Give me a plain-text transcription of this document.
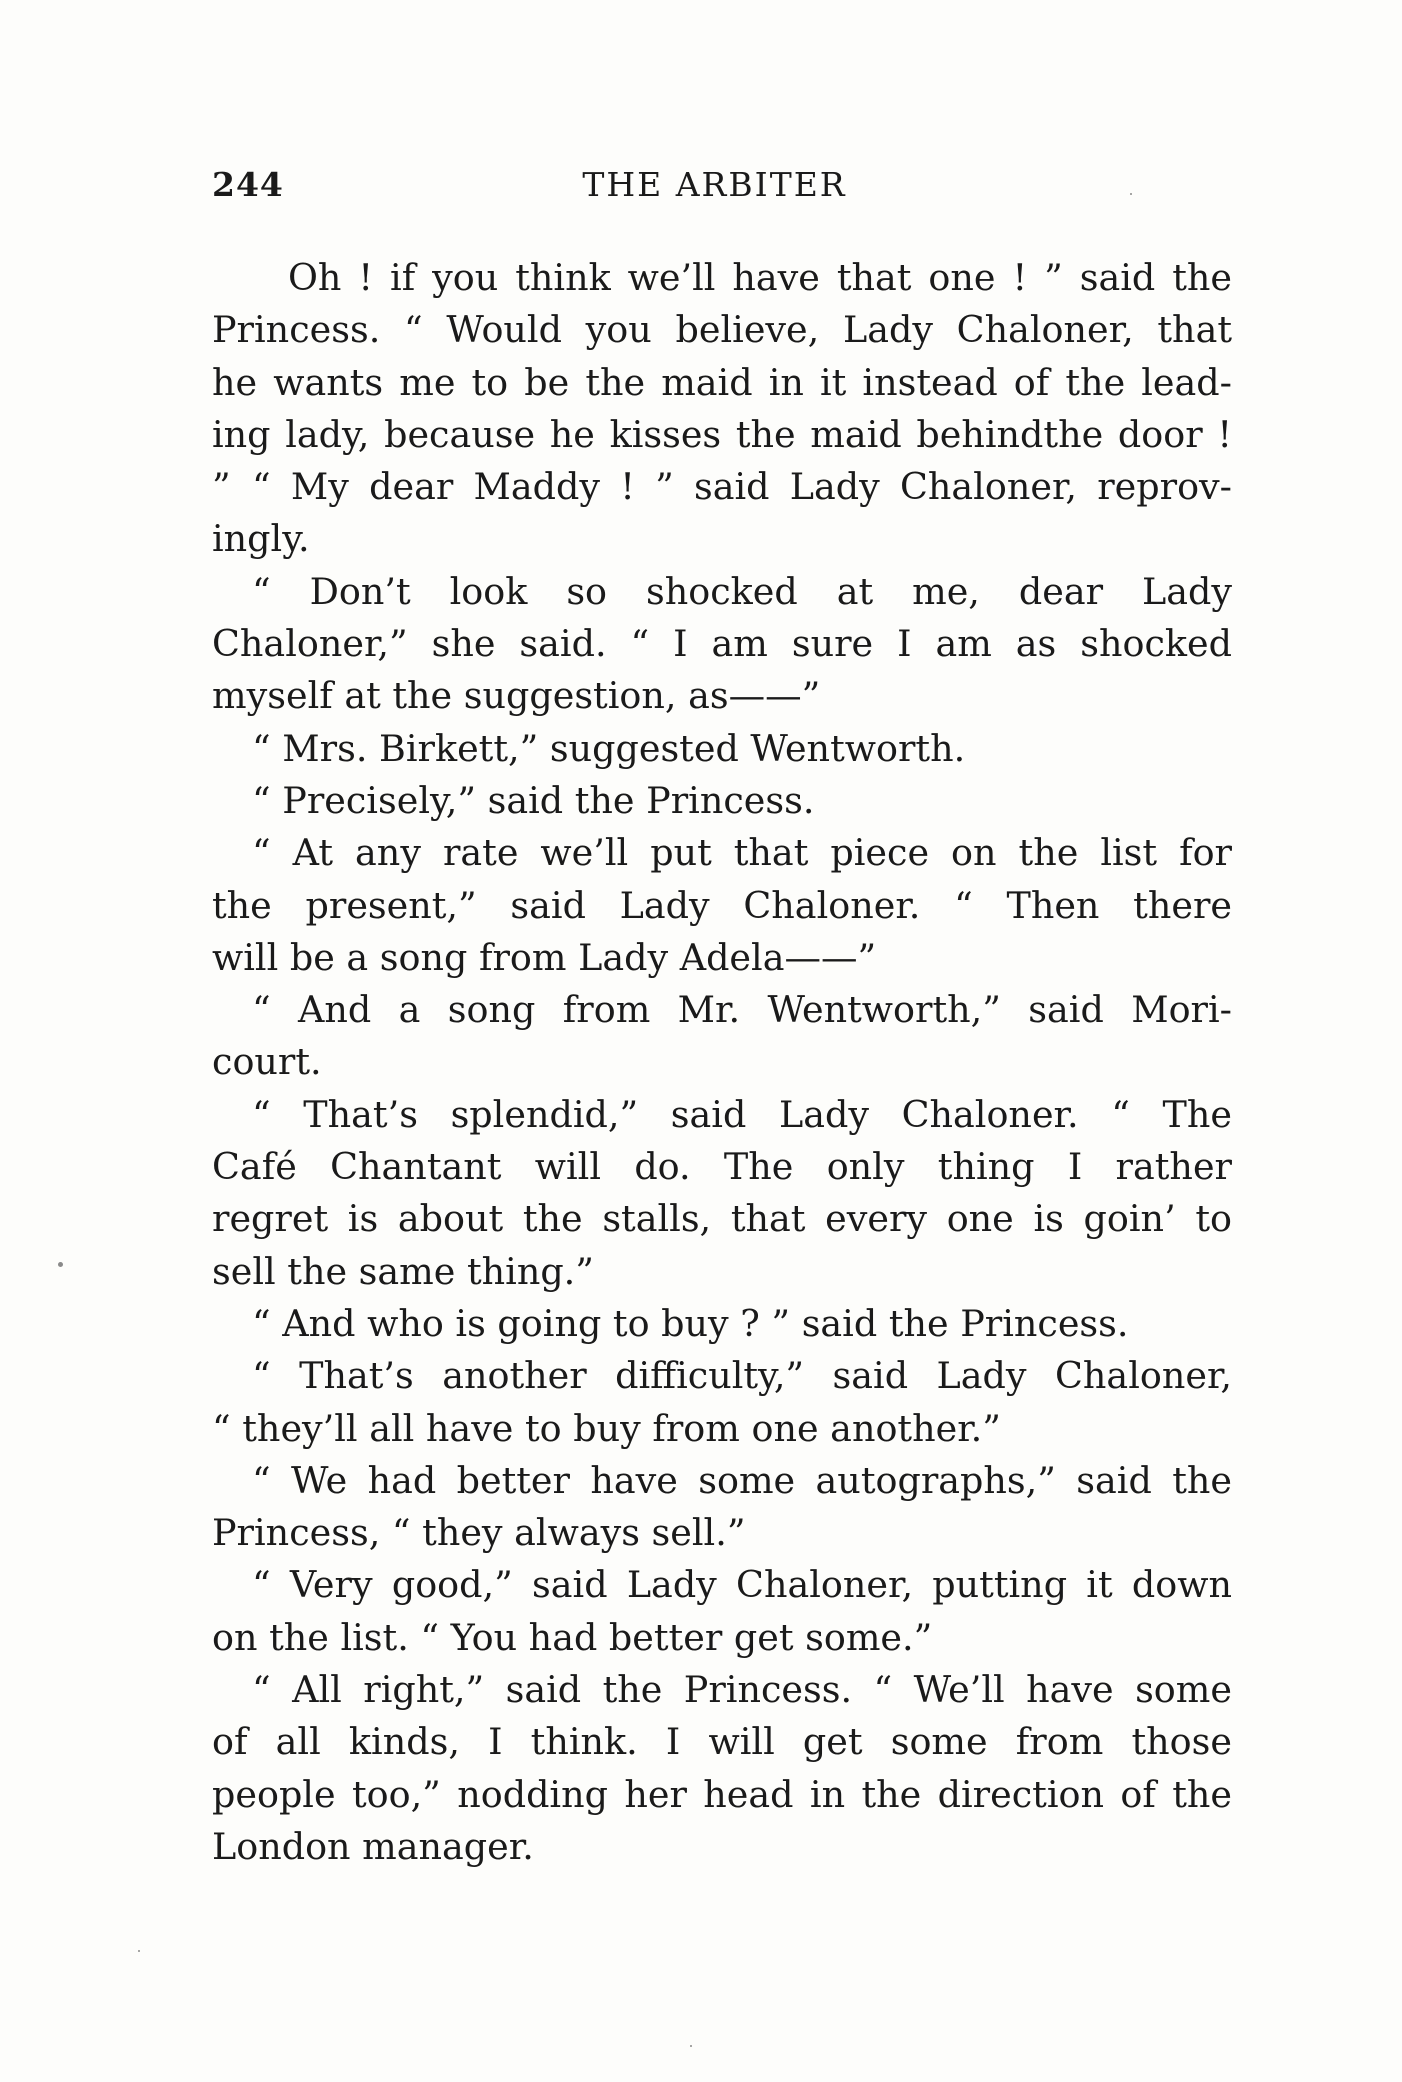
244	THE ARBITER
Oh ! if you think we’ll have that one ! ” said the
Princess. “ Would you believe, Lady Chaloner, that
he wants me to be the maid in it instead of the lead-
ing lady, because he kisses the maid behindthe door ! ” “ My dear Maddy ! ” said Lady Chaloner, reprov-
ingly.
“ Don’t look so shocked at me, dear Lady
Chaloner,” she said. “ I am sure I am as shocked
myself at the suggestion, as——”
“ Mrs. Birkett,” suggested Wentworth.
“ Precisely,” said the Princess.
“ At any rate we’ll put that piece on the list for
the present,” said Lady Chaloner. “ Then there
will be a song from Lady Adela——”
“ And a song from Mr. Wentworth,” said Mori-
court.
“ That’s splendid,” said Lady Chaloner. “ The
Café Chantant will do. The only thing I rather
regret is about the stalls, that every one is goin’ to
sell the same thing.”
“ And who is going to buy ? ” said the Princess.
“ That’s another difficulty,” said Lady Chaloner,
“ they’ll all have to buy from one another.”
“ We had better have some autographs,” said the
Princess, “ they always sell.”
“ Very good,” said Lady Chaloner, putting it down
on the list. “ You had better get some.”
“ All right,” said the Princess. “ We’ll have some
of all kinds, I think. I will get some from those
people too,” nodding her head in the direction of the
London manager.
